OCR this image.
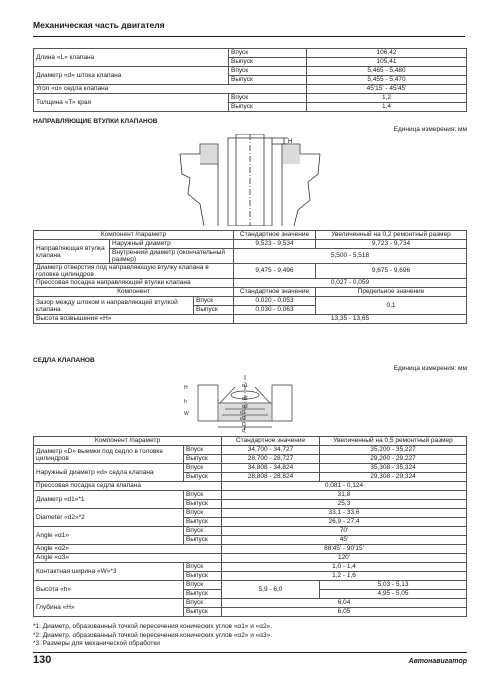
Механическая часть двигателя
Длина «L» клапана	Впуск	106,42
	Выпуск	105,41
Диаметр «d» штока клапана	Впуск	5,465 - 5,480
	Выпуск	5,455 - 5,470
Угол «α» седла клапана		45'15' - 45'45'
Толщина «Т» края	Впуск	1,2
	Выпуск	1,4
НАПРАВЛЯЮЩИЕ ВТУЛКИ КЛАПАНОВ
Единица измерения: мм
H
Компонент /параметр			Стандартное значение	Увеличенный на 0,2 ремонтный размер
Направляющая втулка клапана	Наружный диаметр		9,523 - 9,534	9,723 - 9,734
	Внутренний диаметр (окончательный размер)		5,500 - 5,518	
Диаметр отверстия под направляющую втулку клапана в головке цилиндров			9,475 - 9,496	9,675 - 9,696
Прессовая посадка направляющей втулки клапана			0,027 - 0,059	
Компонент			Стандартное значение	Предельное значение
Зазор между штоком и направляющей втулкой клапана		Впуск	0,020 - 0,053	0,1
		Выпуск	0,030 - 0,063	
Высота возвышения «Н»			13,35 - 13,65	
СЕДЛА КЛАПАНОВ
Единица измерения: мм
H
h
W
α1
α2
α3
d1
d2
D
d
Компонент /параметр		Стандартное значение	Увеличенный на 0,5 ремонтный размер
Диаметр «D» выемки под седло в головке цилиндров	Впуск	34,700 - 34,727	35,200 - 35,227
	Выпуск	28,700 - 28,727	29,200 - 29,227
Наружный диаметр «d» седла клапана	Впуск	34,808 - 34,824	35,308 - 35,324
	Выпуск	28,808 - 28,824	29,308 - 29,324
Прессовая посадка седла клапана		0,081 - 0,124	
Диаметр «d1»*1	Впуск	31,8	
	Выпуск	25,3	
Diameter «d2»*2	Впуск	33,1 - 33,6	
	Выпуск	26,9 - 27,4	
Angle «α1»	Впуск	70'	
	Выпуск	45'	
Angle «α2»		88'45' - 90'15'	
Angle «α3»		120'	
Контактная ширина «W»*3	Впуск	1,0 - 1,4	
	Выпуск	1,2 - 1,6	
Высота «h»	Впуск	5,9 - 6,0	5,03 - 5,13
	Выпуск		4,95 - 5,05
Глубина «H»	Впуск	6,04	
	Выпуск	6,05	
*1: Диаметр, образованный точкой пересечения конических углов «α1» и «α2».
*2: Диаметр, образованный точкой пересечения конических углов «α2» и «α3».
*3: Размеры для механической обработки
130	Автонавигатор
